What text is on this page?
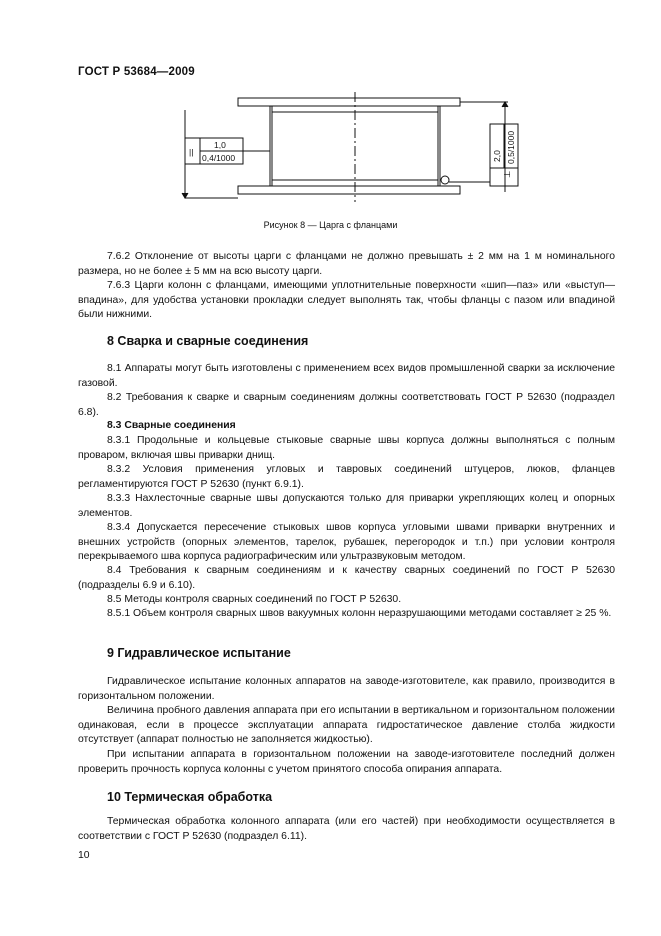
ГОСТ Р 53684—2009
||
1,0
0,4/1000	2,0 0,5/1000
⊥
Рисунок 8 — Царга с фланцами
7.6.2 Отклонение от высоты царги с фланцами не должно превышать ± 2 мм на 1 м номинального размера, но не более ± 5 мм на всю высоту царги.
7.6.3 Царги колонн с фланцами, имеющими уплотнительные поверхности «шип—паз» или «выступ—впадина», для удобства установки прокладки следует выполнять так, чтобы фланцы с пазом или впадиной были нижними.
8 Сварка и сварные соединения
8.1 Аппараты могут быть изготовлены с применением всех видов промышленной сварки за исключение газовой.
8.2 Требования к сварке и сварным соединениям должны соответствовать ГОСТ Р 52630 (подраздел 6.8).
8.3 Сварные соединения
8.3.1 Продольные и кольцевые стыковые сварные швы корпуса должны выполняться с полным проваром, включая швы приварки днищ.
8.3.2 Условия применения угловых и тавровых соединений штуцеров, люков, фланцев регламентируются ГОСТ Р 52630 (пункт 6.9.1).
8.3.3 Нахлесточные сварные швы допускаются только для приварки укрепляющих колец и опорных элементов.
8.3.4 Допускается пересечение стыковых швов корпуса угловыми швами приварки внутренних и внешних устройств (опорных элементов, тарелок, рубашек, перегородок и т.п.) при условии контроля перекрываемого шва корпуса радиографическим или ультразвуковым методом.
8.4 Требования к сварным соединениям и к качеству сварных соединений по ГОСТ Р 52630 (подразделы 6.9 и 6.10).
8.5 Методы контроля сварных соединений по ГОСТ Р 52630.
8.5.1 Объем контроля сварных швов вакуумных колонн неразрушающими методами составляет ≥ 25 %.
9 Гидравлическое испытание
Гидравлическое испытание колонных аппаратов на заводе-изготовителе, как правило, производится в горизонтальном положении.
Величина пробного давления аппарата при его испытании в вертикальном и горизонтальном положении одинаковая, если в процессе эксплуатации аппарата гидростатическое давление столба жидкости отсутствует (аппарат полностью не заполняется жидкостью).
При испытании аппарата в горизонтальном положении на заводе-изготовителе последний должен проверить прочность корпуса колонны с учетом принятого способа опирания аппарата.
10 Термическая обработка
Термическая обработка колонного аппарата (или его частей) при необходимости осуществляется в соответствии с ГОСТ Р 52630 (подраздел 6.11).
10
